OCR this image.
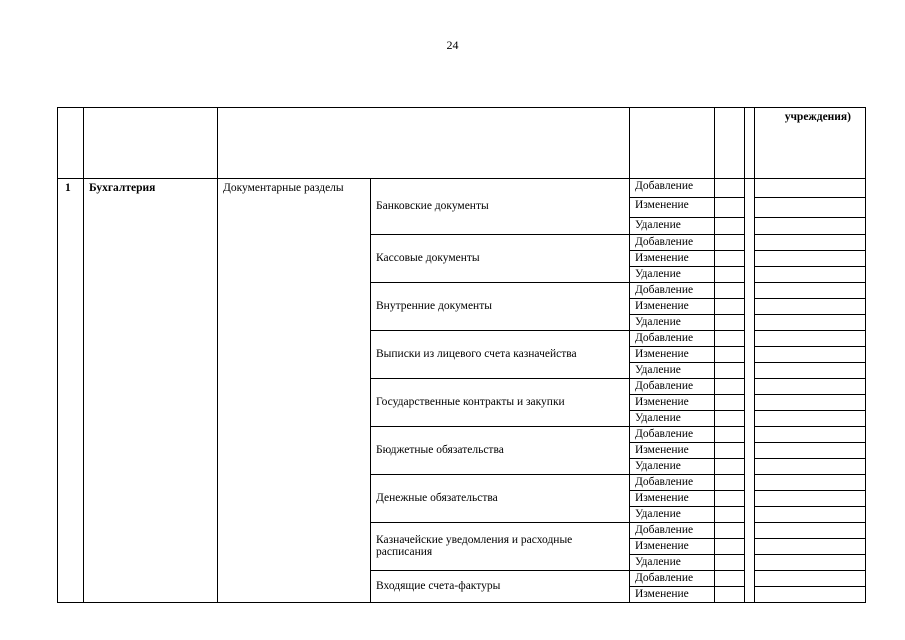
24
							учреждения)
1	Бухгалтерия	Документарные разделы	Банковские документы	Добавление			
				Изменение			
				Удаление			
			Кассовые документы	Добавление			
				Изменение			
				Удаление			
			Внутренние документы	Добавление			
				Изменение			
				Удаление			
			Выписки из лицевого счета казначейства	Добавление			
				Изменение			
				Удаление			
			Государственные контракты и закупки	Добавление			
				Изменение			
				Удаление			
			Бюджетные обязательства	Добавление			
				Изменение			
				Удаление			
			Денежные обязательства	Добавление			
				Изменение			
				Удаление			
			Казначейские уведомления и расходные расписания	Добавление			
				Изменение			
				Удаление			
			Входящие счета-фактуры	Добавление			
				Изменение			
